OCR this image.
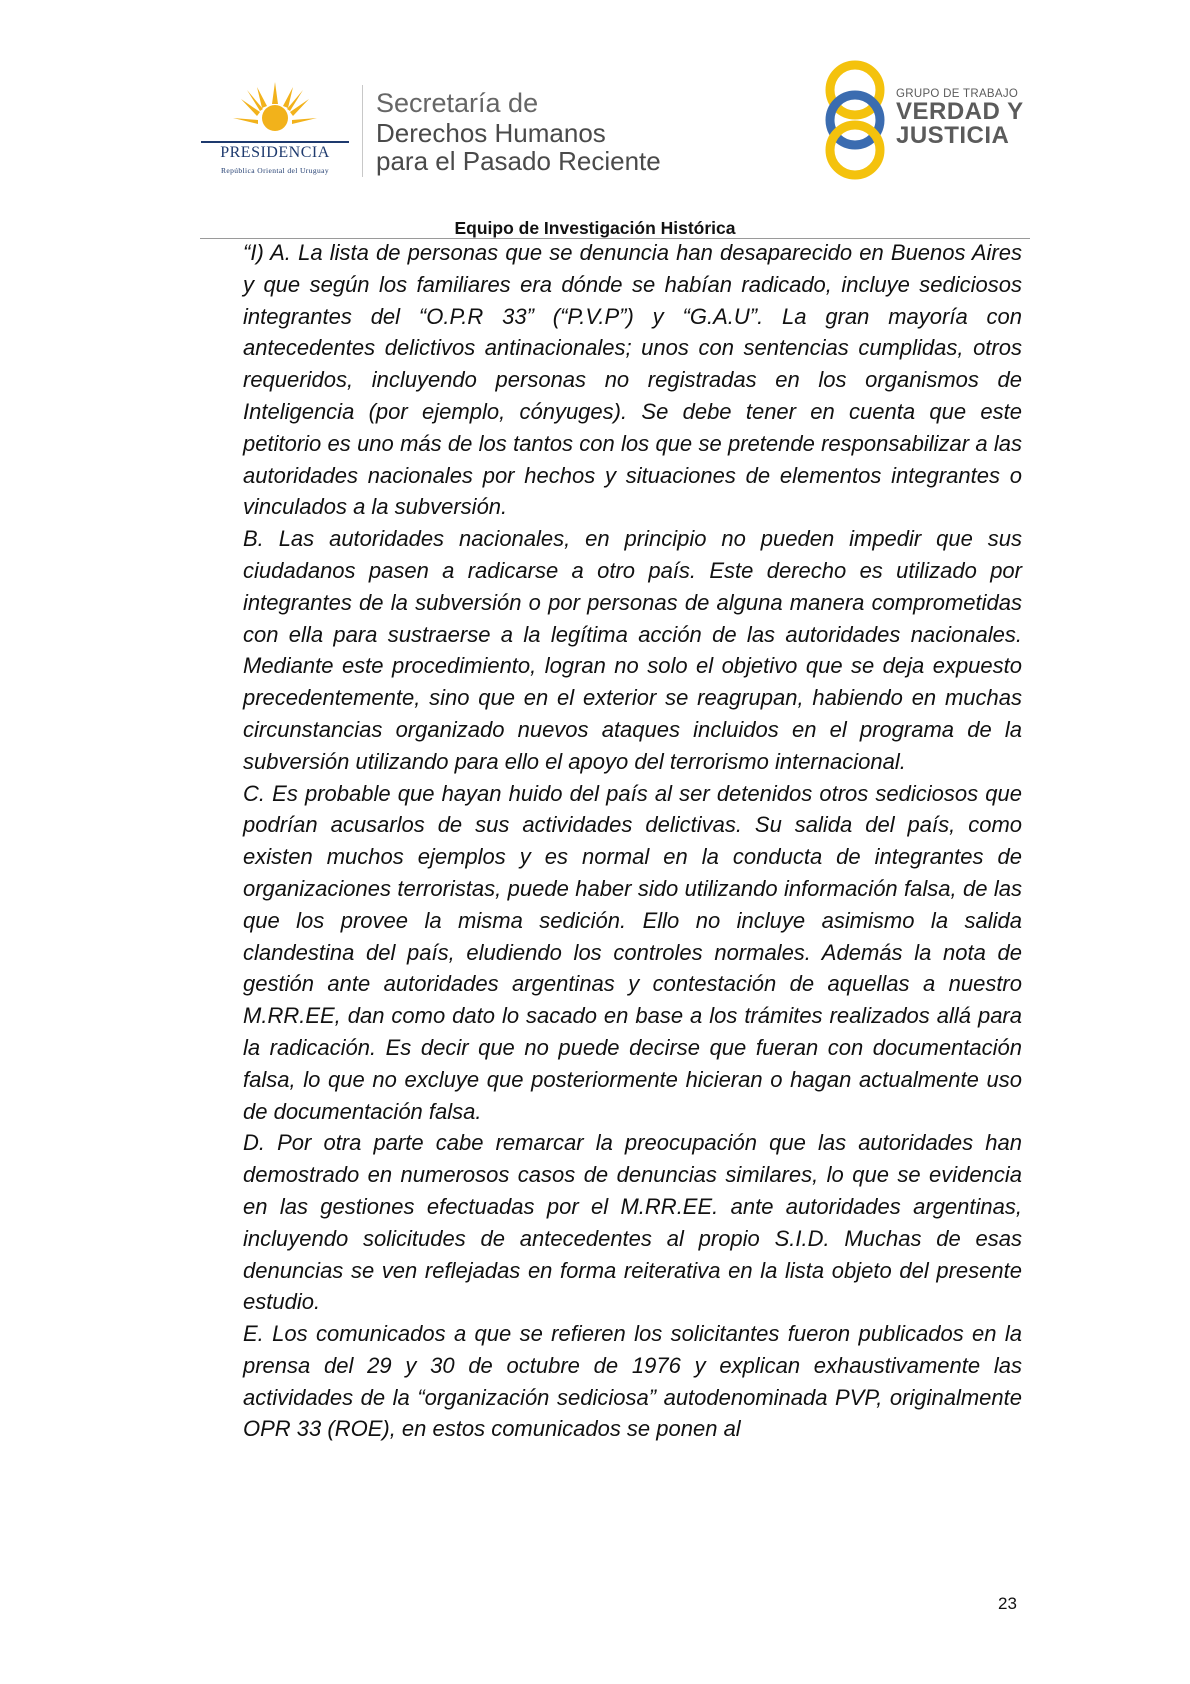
PRESIDENCIA
República Oriental del Uruguay
Secretaría de
Derechos Humanos
para el Pasado Reciente
GRUPO DE TRABAJO
VERDAD Y
JUSTICIA
Equipo de Investigación Histórica

“I) A. La lista de personas que se denuncia han desaparecido en Buenos Aires y que según los familiares era dónde se habían radicado, incluye sediciosos integrantes del “O.P.R 33” (“P.V.P”) y “G.A.U”. La gran mayoría con antecedentes delictivos antinacionales; unos con sentencias cumplidas, otros requeridos, incluyendo personas no registradas en los organismos de Inteligencia (por ejemplo, cónyuges). Se debe tener en cuenta que este petitorio es uno más de los tantos con los que se pretende responsabilizar a las autoridades nacionales por hechos y situaciones de elementos integrantes o vinculados a la subversión.

B. Las autoridades nacionales, en principio no pueden impedir que sus ciudadanos pasen a radicarse a otro país. Este derecho es utilizado por integrantes de la subversión o por personas de alguna manera comprometidas con ella para sustraerse a la legítima acción de las autoridades nacionales. Mediante este procedimiento, logran no solo el objetivo que se deja expuesto precedentemente, sino que en el exterior se reagrupan, habiendo en muchas circunstancias organizado nuevos ataques incluidos en el programa de la subversión utilizando para ello el apoyo del terrorismo internacional.

C. Es probable que hayan huido del país al ser detenidos otros sediciosos que podrían acusarlos de sus actividades delictivas. Su salida del país, como existen muchos ejemplos y es normal en la conducta de integrantes de organizaciones terroristas, puede haber sido utilizando información falsa, de las que los provee la misma sedición. Ello no incluye asimismo la salida clandestina del país, eludiendo los controles normales. Además la nota de gestión ante autoridades argentinas y contestación de aquellas a nuestro M.RR.EE, dan como dato lo sacado en base a los trámites realizados allá para la radicación. Es decir que no puede decirse que fueran con documentación falsa, lo que no excluye que posteriormente hicieran o hagan actualmente uso de documentación falsa.

D. Por otra parte cabe remarcar la preocupación que las autoridades han demostrado en numerosos casos de denuncias similares, lo que se evidencia en las gestiones efectuadas por el M.RR.EE. ante autoridades argentinas, incluyendo solicitudes de antecedentes al propio S.I.D. Muchas de esas denuncias se ven reflejadas en forma reiterativa en la lista objeto del presente estudio.

E. Los comunicados a que se refieren los solicitantes fueron publicados en la prensa del 29 y 30 de octubre de 1976 y explican exhaustivamente las actividades de la “organización sediciosa” autodenominada PVP, originalmente OPR 33 (ROE), en estos comunicados se ponen al

23
